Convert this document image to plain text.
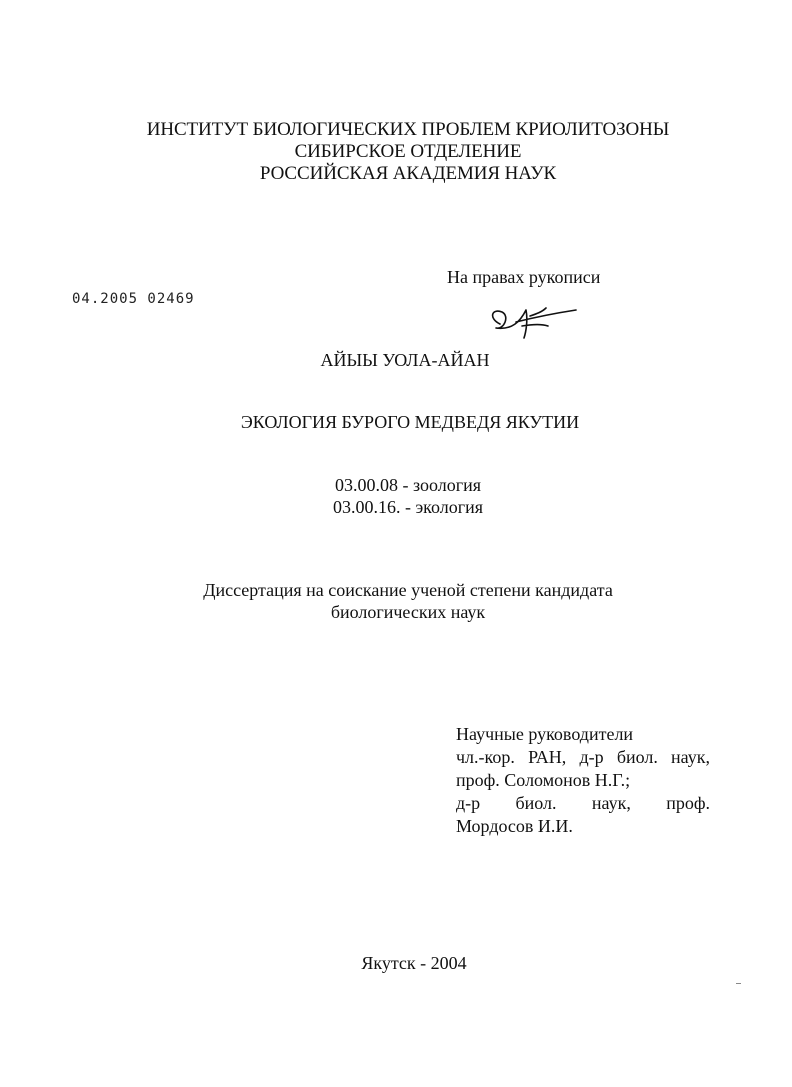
ИНСТИТУТ БИОЛОГИЧЕСКИХ ПРОБЛЕМ КРИОЛИТОЗОНЫ
СИБИРСКОЕ ОТДЕЛЕНИЕ
РОССИЙСКАЯ АКАДЕМИЯ НАУК
На правах рукописи
04.2005 02469
АЙЫЫ УОЛА-АЙАН
ЭКОЛОГИЯ БУРОГО МЕДВЕДЯ ЯКУТИИ
03.00.08 - зоология
03.00.16. - экология
Диссертация на соискание ученой степени кандидата
биологических наук
Научные руководители
чл.-кор. РАН, д-р биол. наук,
проф. Соломонов Н.Г.;
д-р биол. наук, проф.
Мордосов И.И.
Якутск - 2004
